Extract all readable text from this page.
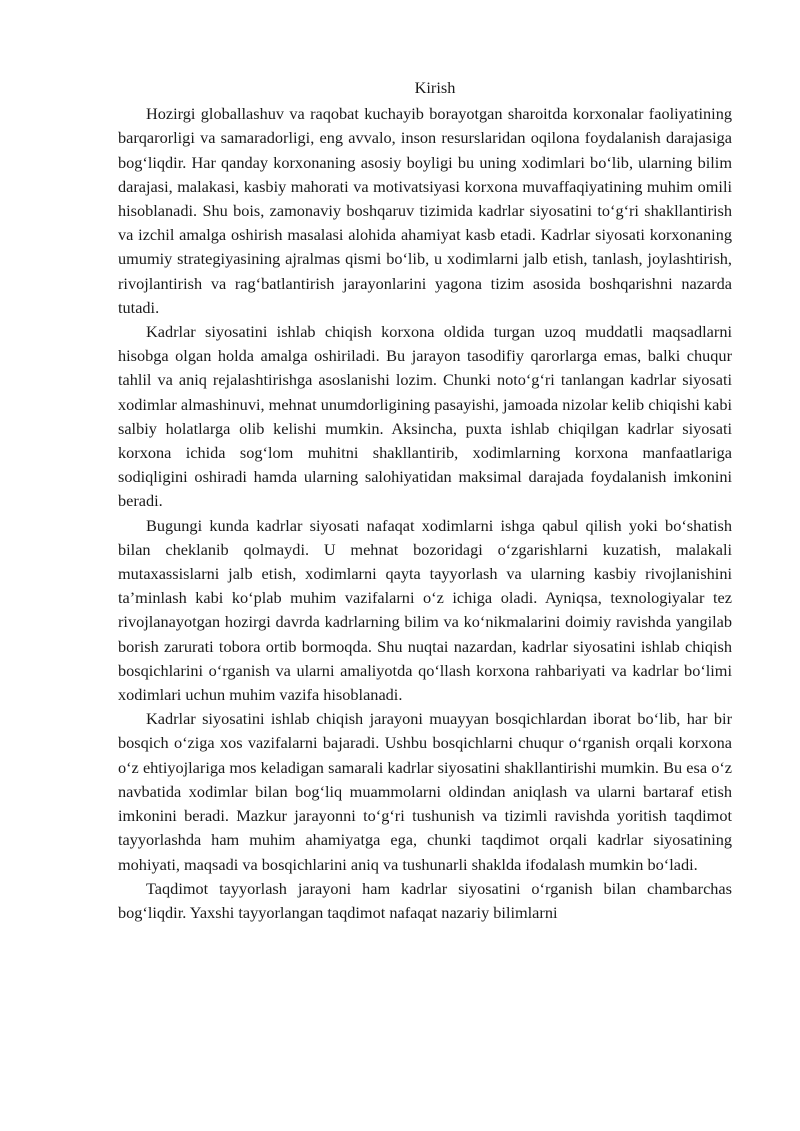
Kirish

Hozirgi globallashuv va raqobat kuchayib borayotgan sharoitda korxonalar faoliyatining barqarorligi va samaradorligi, eng avvalo, inson resurslaridan oqilona foydalanish darajasiga bog‘liqdir. Har qanday korxonaning asosiy boyligi bu uning xodimlari bo‘lib, ularning bilim darajasi, malakasi, kasbiy mahorati va motivatsiyasi korxona muvaffaqiyatining muhim omili hisoblanadi. Shu bois, zamonaviy boshqaruv tizimida kadrlar siyosatini to‘g‘ri shakllantirish va izchil amalga oshirish masalasi alohida ahamiyat kasb etadi. Kadrlar siyosati korxonaning umumiy strategiyasining ajralmas qismi bo‘lib, u xodimlarni jalb etish, tanlash, joylashtirish, rivojlantirish va rag‘batlantirish jarayonlarini yagona tizim asosida boshqarishni nazarda tutadi.

Kadrlar siyosatini ishlab chiqish korxona oldida turgan uzoq muddatli maqsadlarni hisobga olgan holda amalga oshiriladi. Bu jarayon tasodifiy qarorlarga emas, balki chuqur tahlil va aniq rejalashtirishga asoslanishi lozim. Chunki noto‘g‘ri tanlangan kadrlar siyosati xodimlar almashinuvi, mehnat unumdorligining pasayishi, jamoada nizolar kelib chiqishi kabi salbiy holatlarga olib kelishi mumkin. Aksincha, puxta ishlab chiqilgan kadrlar siyosati korxona ichida sog‘lom muhitni shakllantirib, xodimlarning korxona manfaatlariga sodiqligini oshiradi hamda ularning salohiyatidan maksimal darajada foydalanish imkonini beradi.

Bugungi kunda kadrlar siyosati nafaqat xodimlarni ishga qabul qilish yoki bo‘shatish bilan cheklanib qolmaydi. U mehnat bozoridagi o‘zgarishlarni kuzatish, malakali mutaxassislarni jalb etish, xodimlarni qayta tayyorlash va ularning kasbiy rivojlanishini ta’minlash kabi ko‘plab muhim vazifalarni o‘z ichiga oladi. Ayniqsa, texnologiyalar tez rivojlanayotgan hozirgi davrda kadrlarning bilim va ko‘nikmalarini doimiy ravishda yangilab borish zarurati tobora ortib bormoqda. Shu nuqtai nazardan, kadrlar siyosatini ishlab chiqish bosqichlarini o‘rganish va ularni amaliyotda qo‘llash korxona rahbariyati va kadrlar bo‘limi xodimlari uchun muhim vazifa hisoblanadi.

Kadrlar siyosatini ishlab chiqish jarayoni muayyan bosqichlardan iborat bo‘lib, har bir bosqich o‘ziga xos vazifalarni bajaradi. Ushbu bosqichlarni chuqur o‘rganish orqali korxona o‘z ehtiyojlariga mos keladigan samarali kadrlar siyosatini shakllantirishi mumkin. Bu esa o‘z navbatida xodimlar bilan bog‘liq muammolarni oldindan aniqlash va ularni bartaraf etish imkonini beradi. Mazkur jarayonni to‘g‘ri tushunish va tizimli ravishda yoritish taqdimot tayyorlashda ham muhim ahamiyatga ega, chunki taqdimot orqali kadrlar siyosatining mohiyati, maqsadi va bosqichlarini aniq va tushunarli shaklda ifodalash mumkin bo‘ladi.

Taqdimot tayyorlash jarayoni ham kadrlar siyosatini o‘rganish bilan chambarchas bog‘liqdir. Yaxshi tayyorlangan taqdimot nafaqat nazariy bilimlarni
